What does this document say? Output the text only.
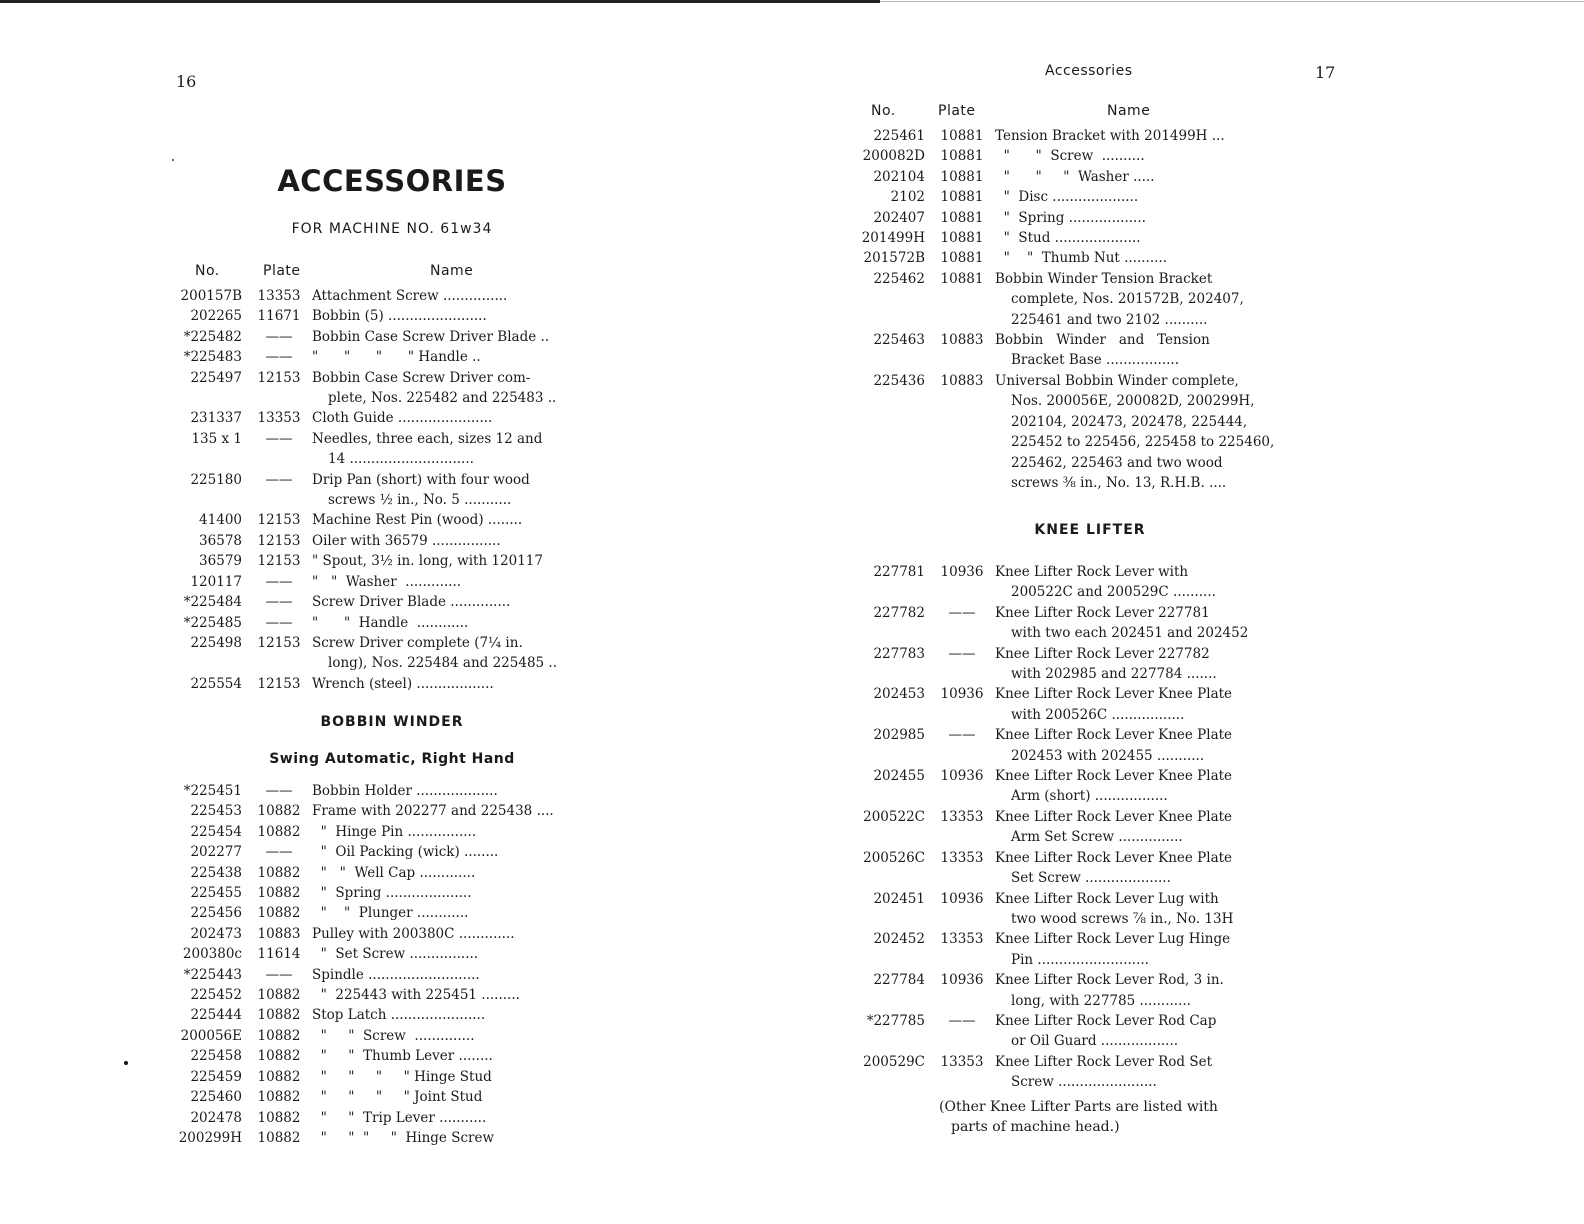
16
ACCESSORIES
FOR MACHINE NO. 61w34
No.	Plate	Name
200157B	13353 Attachment Screw ...............
202265	11671 Bobbin (5) .......................
*225482	——	Bobbin Case Screw Driver Blade ..
*225483	——	"      "      "      " Handle ..
225497	12153 Bobbin Case Screw Driver com-
plete, Nos. 225482 and 225483 ..
231337	13353 Cloth Guide ......................
135 x 1	——	Needles, three each, sizes 12 and
14 .............................
225180	——	Drip Pan (short) with four wood
screws ½ in., No. 5 ...........
41400	12153 Machine Rest Pin (wood) ........
36578	12153 Oiler with 36579 ................
36579	12153 " Spout, 3½ in. long, with 120117
120117	——	"   "  Washer  .............
*225484	——	Screw Driver Blade ..............
*225485	——	"      "  Handle  ............
225498	12153 Screw Driver complete (7¼ in.
long), Nos. 225484 and 225485 ..
225554	12153 Wrench (steel) ..................
BOBBIN WINDER
Swing Automatic, Right Hand
*225451	——	Bobbin Holder ...................
225453	10882 Frame with 202277 and 225438 ....
225454	10882 "  Hinge Pin ................
202277	——	"  Oil Packing (wick) ........
225438	10882 "   "  Well Cap .............
225455	10882 "  Spring ....................
225456	10882 "    "  Plunger ............
202473	10883 Pulley with 200380C .............
200380c	11614 "  Set Screw ................
*225443	——	Spindle ..........................
225452	10882 "  225443 with 225451 .........
225444	10882 Stop Latch ......................
200056E	10882 "     "  Screw  ..............
225458	10882 "     "  Thumb Lever ........
225459	10882 "     "     "     " Hinge Stud
225460	10882 "     "     "     " Joint Stud
202478	10882 "     "  Trip Lever ...........
200299H	10882 "     "  "     "  Hinge Screw
Accessories	17
No.	Plate	Name
225461	10881 Tension Bracket with 201499H ...
200082D	10881 "      "  Screw  ..........
202104	10881 "      "     "  Washer .....
2102	10881 "  Disc ....................
202407	10881 "  Spring ..................
201499H	10881 "  Stud ....................
201572B	10881 "    "  Thumb Nut ..........
225462	10881 Bobbin Winder Tension Bracket
complete, Nos. 201572B, 202407,
225461 and two 2102 ..........
225463	10883 Bobbin   Winder   and   Tension
Bracket Base .................
225436	10883 Universal Bobbin Winder complete,
Nos. 200056E, 200082D, 200299H,
202104, 202473, 202478, 225444,
225452 to 225456, 225458 to 225460,
225462, 225463 and two wood
screws ⅜ in., No. 13, R.H.B. ....
KNEE LIFTER
227781	10936 Knee Lifter Rock Lever with
200522C and 200529C ..........
227782	——	Knee Lifter Rock Lever 227781
with two each 202451 and 202452
227783	——	Knee Lifter Rock Lever 227782
with 202985 and 227784 .......
202453	10936 Knee Lifter Rock Lever Knee Plate
with 200526C .................
202985	——	Knee Lifter Rock Lever Knee Plate
202453 with 202455 ...........
202455	10936 Knee Lifter Rock Lever Knee Plate
Arm (short) .................
200522C	13353 Knee Lifter Rock Lever Knee Plate
Arm Set Screw ...............
200526C	13353 Knee Lifter Rock Lever Knee Plate
Set Screw ....................
202451	10936 Knee Lifter Rock Lever Lug with
two wood screws ⅞ in., No. 13H
202452	13353 Knee Lifter Rock Lever Lug Hinge
Pin ..........................
227784	10936 Knee Lifter Rock Lever Rod, 3 in.
long, with 227785 ............
*227785	——	Knee Lifter Rock Lever Rod Cap
or Oil Guard ..................
200529C	13353 Knee Lifter Rock Lever Rod Set
Screw .......................
(Other Knee Lifter Parts are listed with
parts of machine head.)
